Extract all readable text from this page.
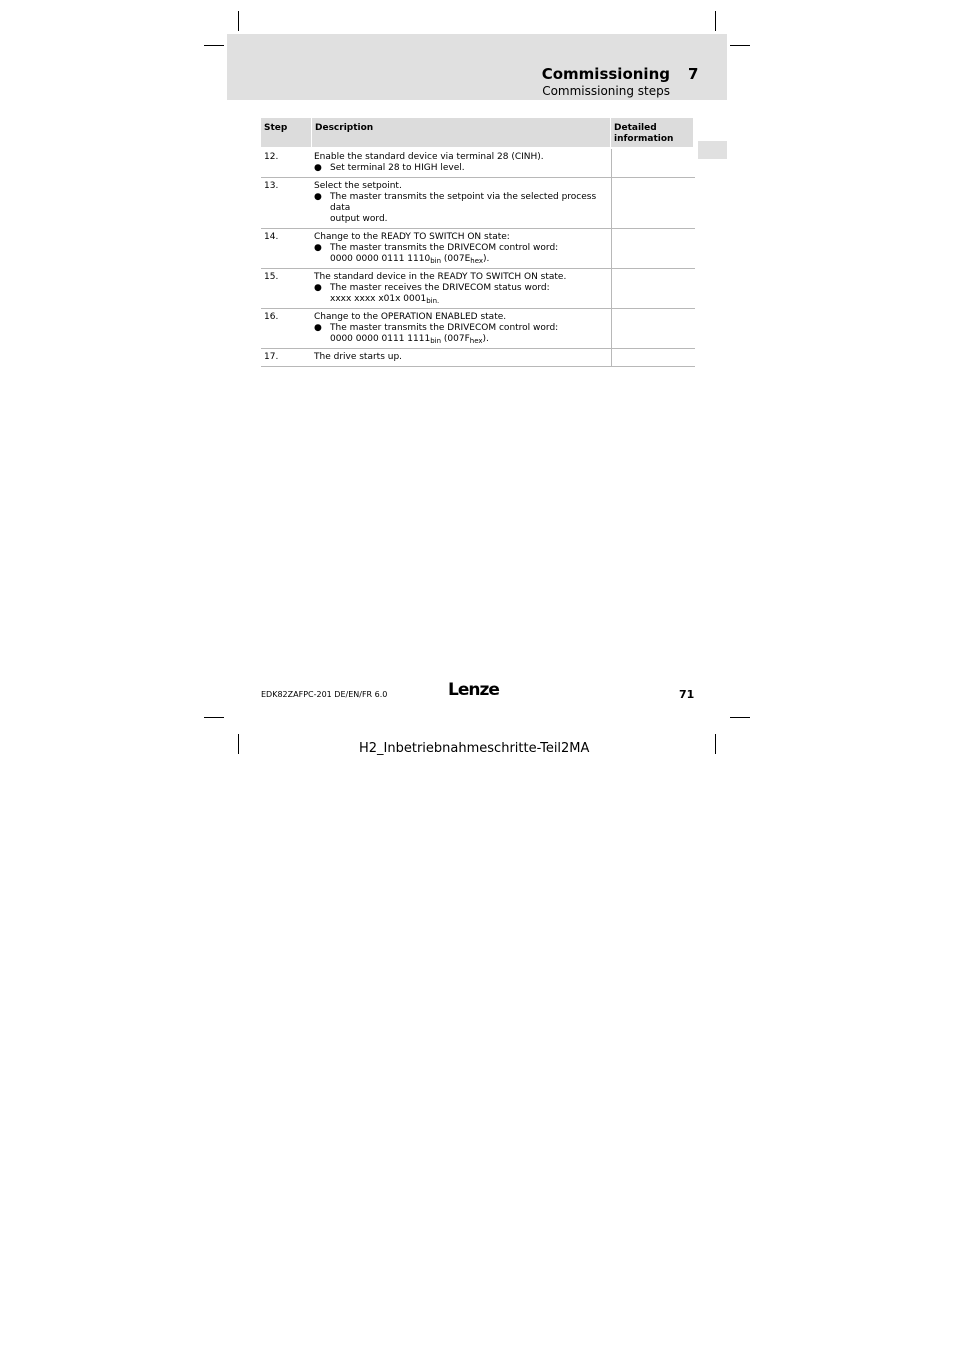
Commissioning 7
Commissioning steps
Step	Description	Detailed information
12.	Enable the standard device via terminal 28 (CINH).
● Set terminal 28 to HIGH level.
13.	Select the setpoint.
● The master transmits the setpoint via the selected process data
output word.
14.	Change to the READY TO SWITCH ON state:
● The master transmits the DRIVECOM control word:
0000 0000 0111 $1110_{bin}$ $(007E_{hex})$.
15.	The standard device in the READY TO SWITCH ON state.
● The master receives the DRIVECOM status word:
xxxx xxxx x01x $0001_{bin.}$
16.	Change to the OPERATION ENABLED state.
● The master transmits the DRIVECOM control word:
0000 0000 0111 $1111_{bin}$ $(007F_{hex})$.
17.	The drive starts up.
EDK82ZAFPC-201 DE/EN/FR 6.0	Lenze	71
H2_Inbetriebnahmeschritte-Teil2MA
